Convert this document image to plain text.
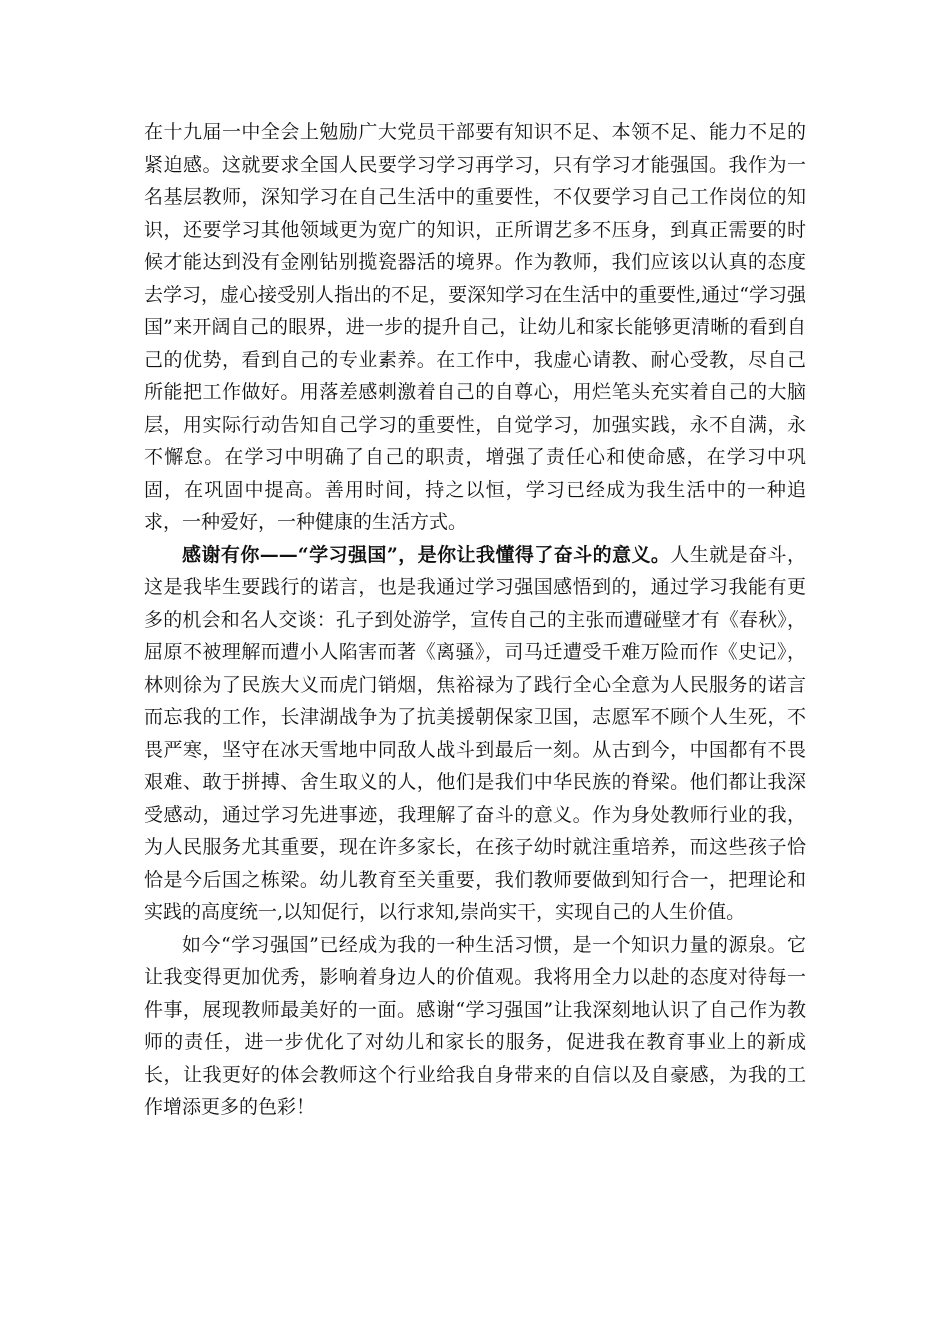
在十九届一中全会上勉励广大党员干部要有知识不足、本领不足、能力不足的紧迫感。这就要求全国人民要学习学习再学习，只有学习才能强国。我作为一名基层教师，深知学习在自己生活中的重要性，不仅要学习自己工作岗位的知识，还要学习其他领域更为宽广的知识，正所谓艺多不压身，到真正需要的时候才能达到没有金刚钻别揽瓷器活的境界。作为教师，我们应该以认真的态度去学习，虚心接受别人指出的不足，要深知学习在生活中的重要性,通过“学习强国”来开阔自己的眼界，进一步的提升自己，让幼儿和家长能够更清晰的看到自己的优势，看到自己的专业素养。在工作中，我虚心请教、耐心受教，尽自己所能把工作做好。用落差感刺激着自己的自尊心，用烂笔头充实着自己的大脑层，用实际行动告知自己学习的重要性，自觉学习，加强实践，永不自满，永不懈怠。在学习中明确了自己的职责，增强了责任心和使命感，在学习中巩固，在巩固中提高。善用时间，持之以恒，学习已经成为我生活中的一种追求，一种爱好，一种健康的生活方式。

感谢有你——“学习强国”，是你让我懂得了奋斗的意义。人生就是奋斗，这是我毕生要践行的诺言，也是我通过学习强国感悟到的，通过学习我能有更多的机会和名人交谈：孔子到处游学，宣传自己的主张而遭碰壁才有《春秋》，屈原不被理解而遭小人陷害而著《离骚》，司马迁遭受千难万险而作《史记》，林则徐为了民族大义而虎门销烟，焦裕禄为了践行全心全意为人民服务的诺言而忘我的工作，长津湖战争为了抗美援朝保家卫国，志愿军不顾个人生死，不畏严寒，坚守在冰天雪地中同敌人战斗到最后一刻。从古到今，中国都有不畏艰难、敢于拼搏、舍生取义的人，他们是我们中华民族的脊梁。他们都让我深受感动，通过学习先进事迹，我理解了奋斗的意义。作为身处教师行业的我，为人民服务尤其重要，现在许多家长，在孩子幼时就注重培养，而这些孩子恰恰是今后国之栋梁。幼儿教育至关重要，我们教师要做到知行合一，把理论和实践的高度统一,以知促行，以行求知,崇尚实干，实现自己的人生价值。

如今“学习强国”已经成为我的一种生活习惯，是一个知识力量的源泉。它让我变得更加优秀，影响着身边人的价值观。我将用全力以赴的态度对待每一件事，展现教师最美好的一面。感谢“学习强国”让我深刻地认识了自己作为教师的责任，进一步优化了对幼儿和家长的服务，促进我在教育事业上的新成长，让我更好的体会教师这个行业给我自身带来的自信以及自豪感，为我的工作增添更多的色彩！
